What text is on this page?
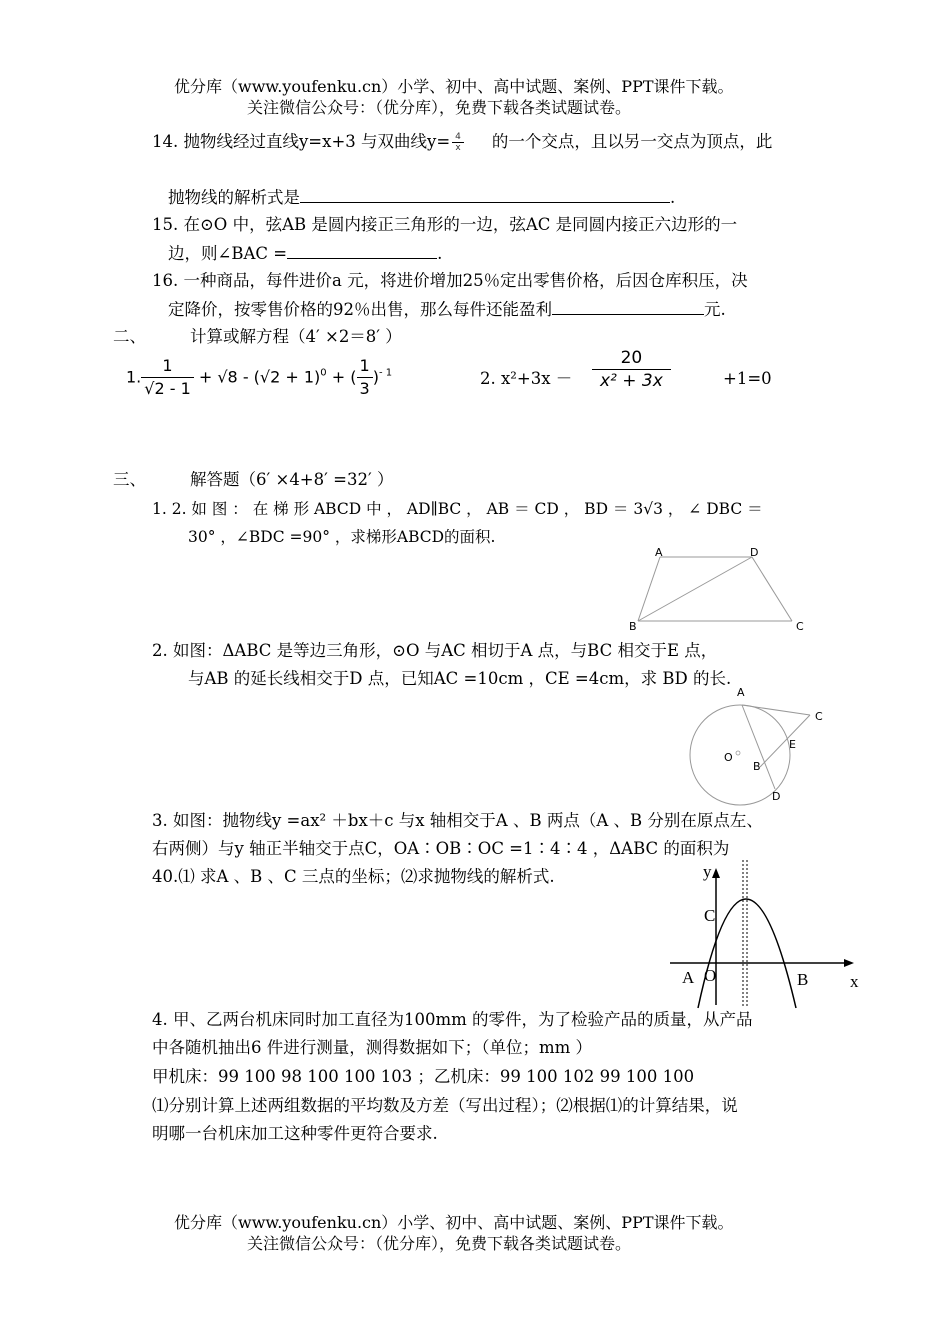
优分库（www.youfenku.cn）小学、初中、高中试题、案例、PPT课件下载。
关注微信公众号：（优分库），免费下载各类试题试卷。
14. 抛物线经过直线y=x+3 与双曲线$y= \frac{4}{x}$ 的一个交点，且以另一交点为顶点，此
抛物线的解析式是	.
15. 在⊙O 中，弦AB 是圆内接正三角形的一边，弦AC 是同圆内接正六边形的一
边，则∠BAC =	.
16. 一种商品，每件进价a 元，将进价增加25％定出零售价格，后因仓库积压，决
定降价，按零售价格的92％出售，那么每件还能盈利	元.
二、	计算或解方程（4′ ×2＝8′ ）
1. $\frac{1}{√2 - 1} + √8 - (√2 + 1)^0$ + ( $\frac{1}{3} )^{- 1}$	2. $x^2+3x - \frac{20}{\text{x² + 3x}}$	+1=0
三、	解答题（6′ ×4+8′ =32′ ）
1. 2. 如 图 ： 在 梯 形 ABCD 中 ， AD∥BC ， AB ＝ CD ， BD ＝ 3√3 ， ∠ DBC ＝
30° ，∠BDC =90° ，求梯形ABCD的面积.
A	D
B	C
2. 如图：ΔABC 是等边三角形，⊙O 与AC 相切于A 点，与BC 相交于E 点，
与AB 的延长线相交于D 点，已知AC =10cm ，CE =4cm，求 BD 的长.
A
C
E
O
B
D
3. 如图：抛物线y =ax² ＋bx＋c 与x 轴相交于A 、B 两点（A 、B 分别在原点左、
右两侧）与y 轴正半轴交于点C，OA∶OB∶OC =1∶4∶4 ，ΔABC 的面积为
40.⑴ 求A 、B 、C 三点的坐标；⑵求抛物线的解析式.	y
x
C
A O	B
4. 甲、乙两台机床同时加工直径为100mm 的零件，为了检验产品的质量，从产品
中各随机抽出6 件进行测量，测得数据如下；（单位；mm ）
甲机床：99 100 98 100 100 103 ；乙机床：99 100 102 99 100 100
⑴分别计算上述两组数据的平均数及方差（写出过程）；⑵根据⑴的计算结果，说
明哪一台机床加工这种零件更符合要求.
优分库（www.youfenku.cn）小学、初中、高中试题、案例、PPT课件下载。
关注微信公众号：（优分库），免费下载各类试题试卷。
